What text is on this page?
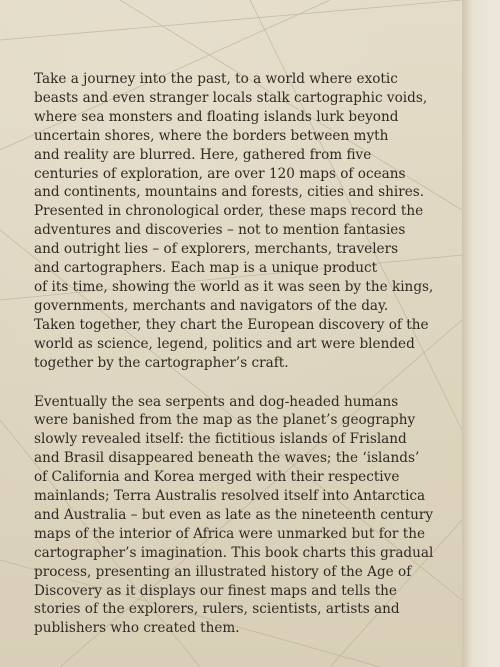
Take a journey into the past, to a world where exotic
beasts and even stranger locals stalk cartographic voids,
where sea monsters and floating islands lurk beyond
uncertain shores, where the borders between myth
and reality are blurred. Here, gathered from five
centuries of exploration, are over 120 maps of oceans
and continents, mountains and forests, cities and shires.
Presented in chronological order, these maps record the
adventures and discoveries – not to mention fantasies
and outright lies – of explorers, merchants, travelers
and cartographers. Each map is a unique product
of its time, showing the world as it was seen by the kings,
governments, merchants and navigators of the day.
Taken together, they chart the European discovery of the
world as science, legend, politics and art were blended
together by the cartographer’s craft.

Eventually the sea serpents and dog-headed humans
were banished from the map as the planet’s geography
slowly revealed itself: the fictitious islands of Frisland
and Brasil disappeared beneath the waves; the ‘islands’
of California and Korea merged with their respective
mainlands; Terra Australis resolved itself into Antarctica
and Australia – but even as late as the nineteenth century
maps of the interior of Africa were unmarked but for the
cartographer’s imagination. This book charts this gradual
process, presenting an illustrated history of the Age of
Discovery as it displays our finest maps and tells the
stories of the explorers, rulers, scientists, artists and
publishers who created them.
